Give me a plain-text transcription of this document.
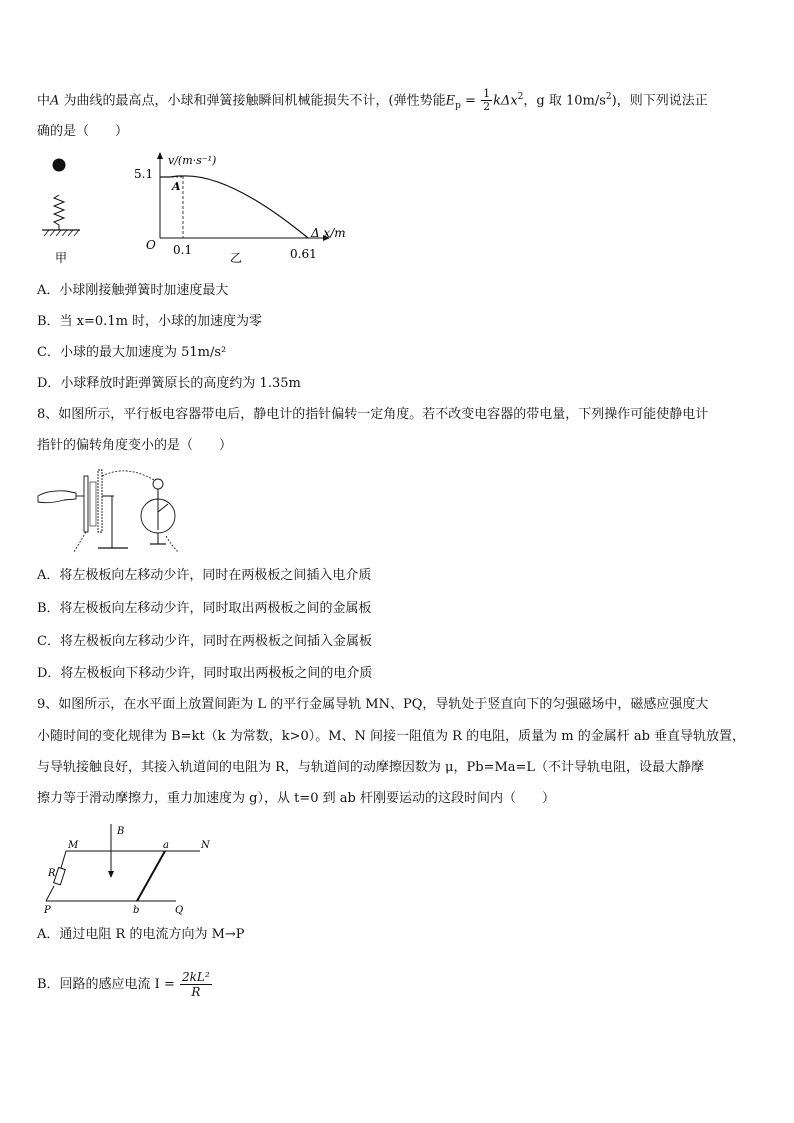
中A 为曲线的最高点，小球和弹簧接触瞬间机械能损失不计，(弹性势能$E_p = \frac{1}{2} k\Delta x^2$，g 取 $10m/s^2$)，则下列说法正
确的是（　　）
甲
v/(m·s⁻¹)
5.1
A
O 0.1	0.61
Δ x/m
乙
A．小球刚接触弹簧时加速度最大
B．当 x=0.1m 时，小球的加速度为零
C．小球的最大加速度为 51m/s²
D．小球释放时距弹簧原长的高度约为 1.35m
8、如图所示，平行板电容器带电后，静电计的指针偏转一定角度。若不改变电容器的带电量，下列操作可能使静电计
指针的偏转角度变小的是（　　）
A．将左极板向左移动少许，同时在两极板之间插入电介质
B．将左极板向左移动少许，同时取出两极板之间的金属板
C．将左极板向左移动少许，同时在两极板之间插入金属板
D．将左极板向下移动少许，同时取出两极板之间的电介质
9、如图所示，在水平面上放置间距为 L 的平行金属导轨 MN、PQ，导轨处于竖直向下的匀强磁场中，磁感应强度大
小随时间的变化规律为 B=kt（k 为常数，k>0）。M、N 间接一阻值为 R 的电阻，质量为 m 的金属杆 ab 垂直导轨放置，
与导轨接触良好，其接入轨道间的电阻为 R，与轨道间的动摩擦因数为 μ，Pb=Ma=L（不计导轨电阻，设最大静摩
擦力等于滑动摩擦力，重力加速度为 g），从 t=0 到 ab 杆刚要运动的这段时间内（　　）
B
M	a	N
R
P	b	Q
A．通过电阻 R 的电流方向为 M→P
B．回路的感应电流 $I = \frac{\text{2kL²}}{R}$
